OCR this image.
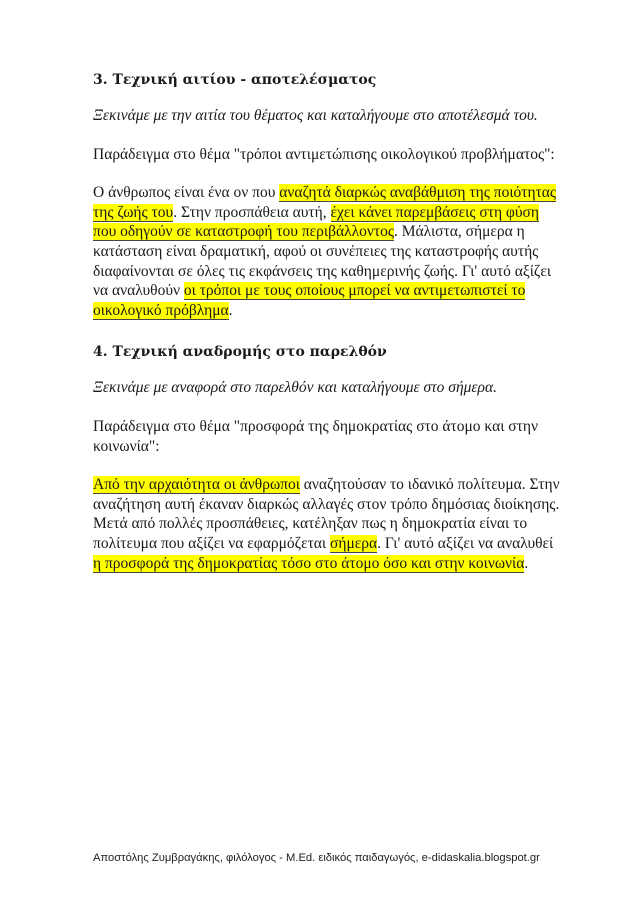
3. Τεχνική αιτίου - αποτελέσματος

Ξεκινάμε με την αιτία του θέματος και καταλήγουμε στο αποτέλεσμά του.

Παράδειγμα στο θέμα "τρόποι αντιμετώπισης οικολογικού προβλήματος":

Ο άνθρωπος είναι ένα ον που αναζητά διαρκώς αναβάθμιση της ποιότητας της ζωής του. Στην προσπάθεια αυτή, έχει κάνει παρεμβάσεις στη φύση που οδηγούν σε καταστροφή του περιβάλλοντος. Μάλιστα, σήμερα η κατάσταση είναι δραματική, αφού οι συνέπειες της καταστροφής αυτής διαφαίνονται σε όλες τις εκφάνσεις της καθημερινής ζωής. Γι' αυτό αξίζει να αναλυθούν οι τρόποι με τους οποίους μπορεί να αντιμετωπιστεί το οικολογικό πρόβλημα.

4. Τεχνική αναδρομής στο παρελθόν

Ξεκινάμε με αναφορά στο παρελθόν και καταλήγουμε στο σήμερα.

Παράδειγμα στο θέμα "προσφορά της δημοκρατίας στο άτομο και στην κοινωνία":

Από την αρχαιότητα οι άνθρωποι αναζητούσαν το ιδανικό πολίτευμα. Στην αναζήτηση αυτή έκαναν διαρκώς αλλαγές στον τρόπο δημόσιας διοίκησης. Μετά από πολλές προσπάθειες, κατέληξαν πως η δημοκρατία είναι το πολίτευμα που αξίζει να εφαρμόζεται σήμερα. Γι' αυτό αξίζει να αναλυθεί η προσφορά της δημοκρατίας τόσο στο άτομο όσο και στην κοινωνία.

Αποστόλης Ζυμβραγάκης, φιλόλογος - M.Ed. ειδικός παιδαγωγός, e-didaskalia.blogspot.gr
